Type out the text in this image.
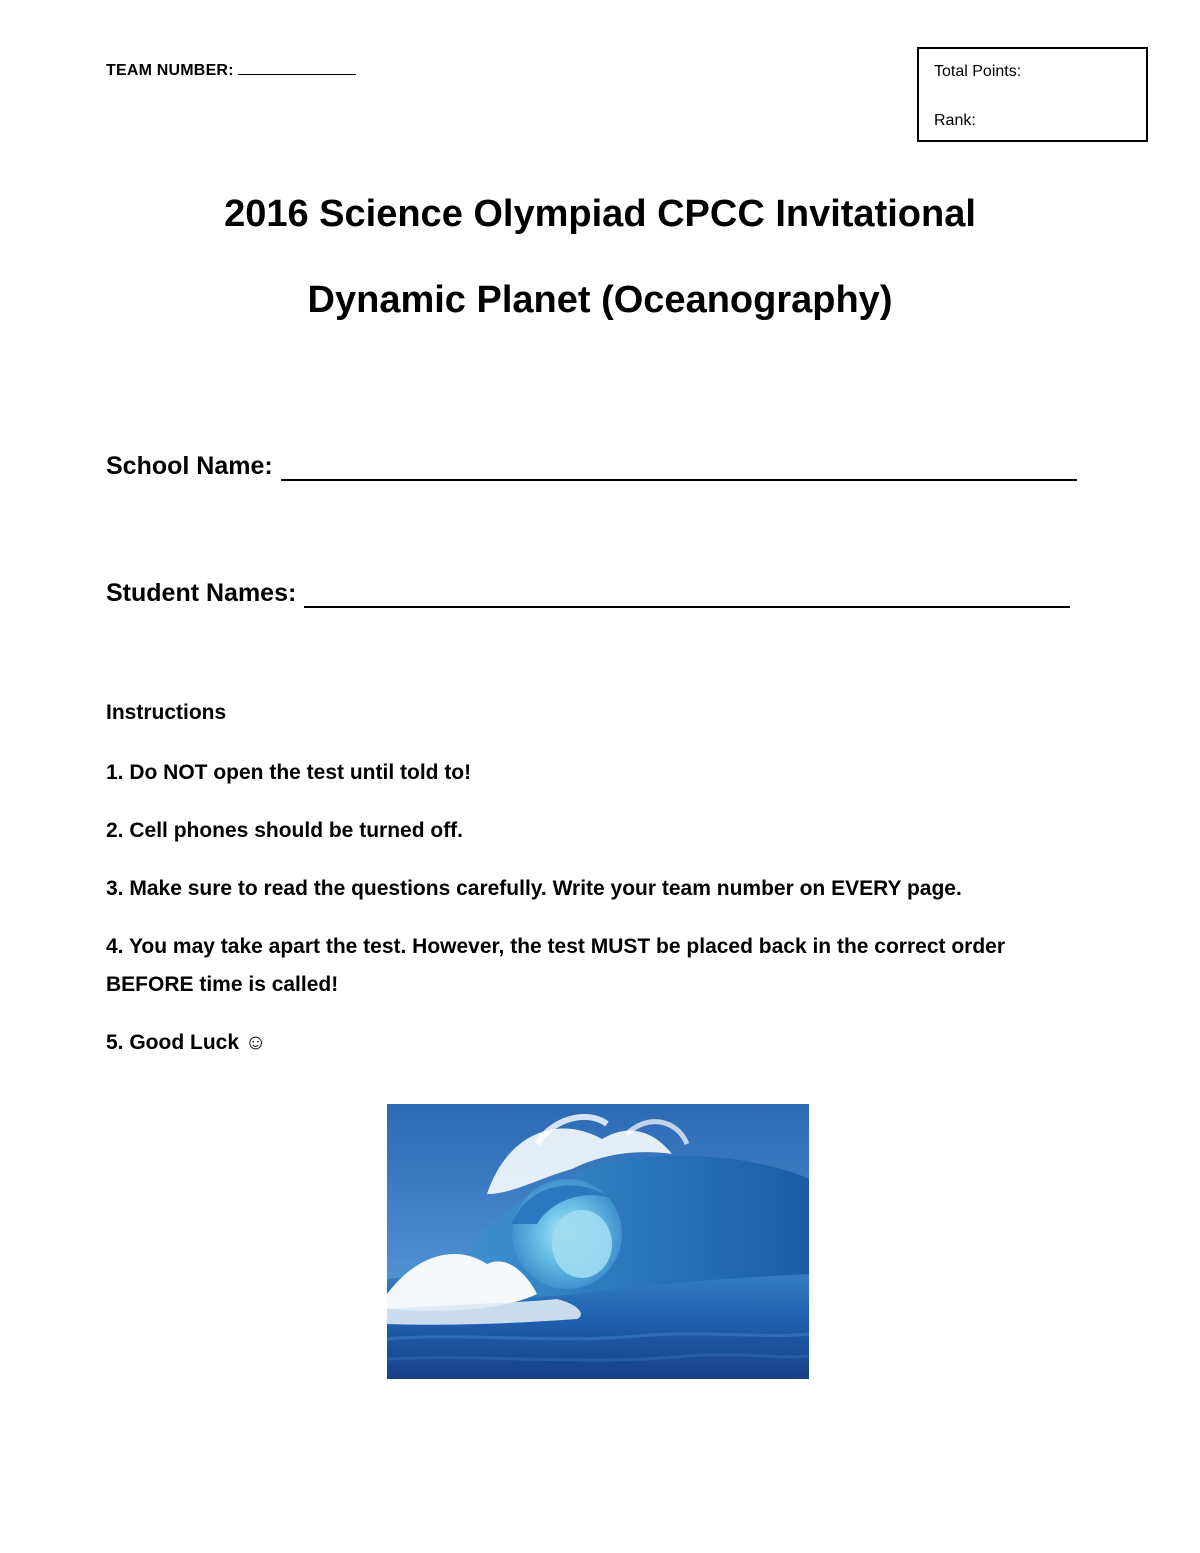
TEAM NUMBER:	Total Points:
Rank:
2016 Science Olympiad CPCC Invitational
Dynamic Planet (Oceanography)
School Name:
Student Names:
Instructions
1. Do NOT open the test until told to!
2. Cell phones should be turned off.
3. Make sure to read the questions carefully. Write your team number on EVERY page.
4. You may take apart the test. However, the test MUST be placed back in the correct order BEFORE time is called!
5. Good Luck ☺
